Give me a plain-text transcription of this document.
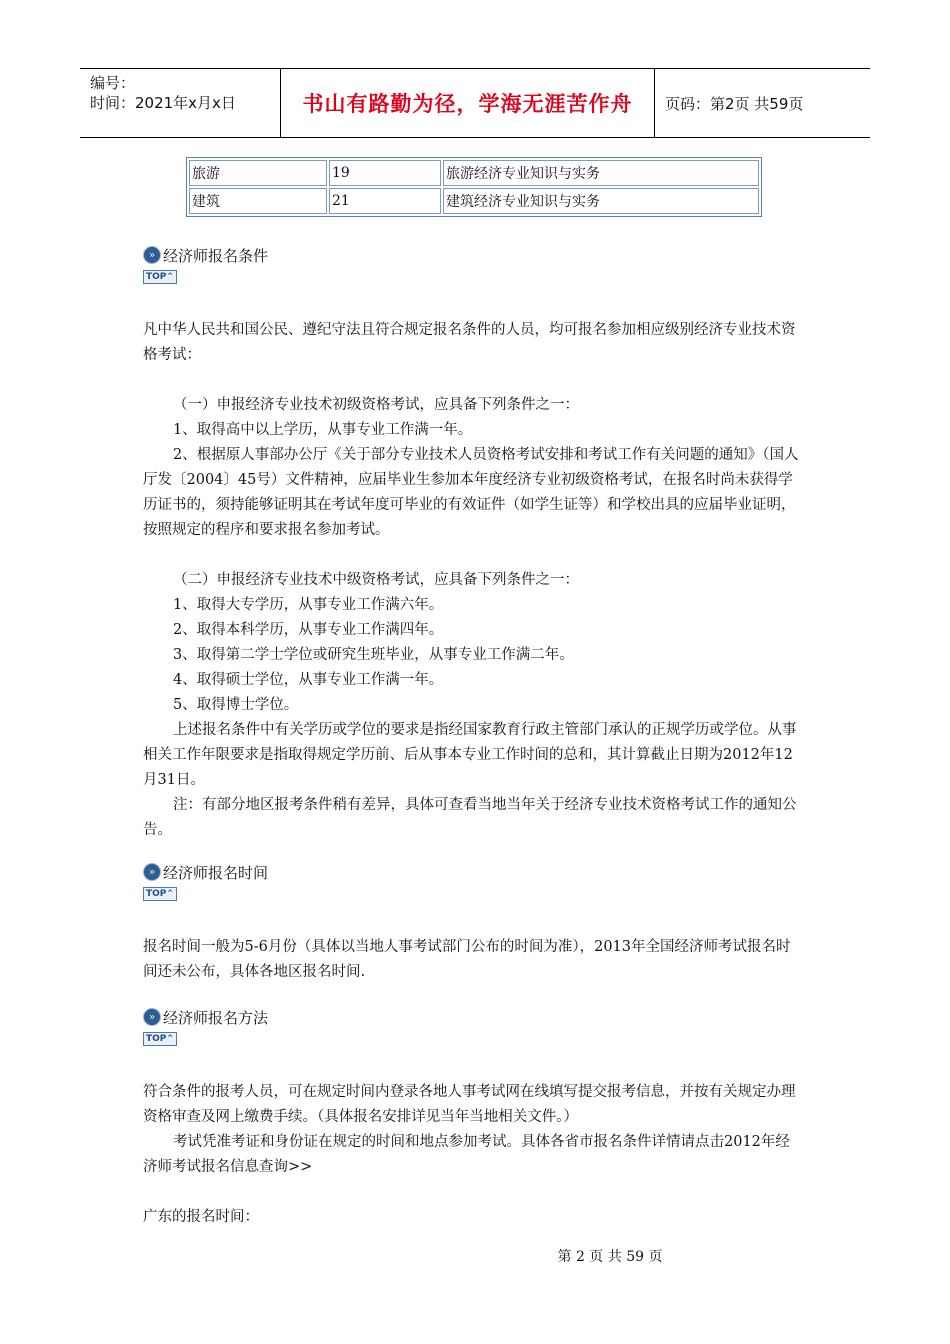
编号：
时间：2021年x月x日	书山有路勤为径，学海无涯苦作舟	页码：第2页 共59页
旅游	19	旅游经济专业知识与实务
建筑	21	建筑经济专业知识与实务
» 经济师报名条件
TOP ⌃

凡中华人民共和国公民、遵纪守法且符合规定报名条件的人员，均可报名参加相应级别经济专业技术资格考试：

（一）申报经济专业技术初级资格考试，应具备下列条件之一：

1、取得高中以上学历，从事专业工作满一年。

2、根据原人事部办公厅《关于部分专业技术人员资格考试安排和考试工作有关问题的通知》（国人厅发〔2004〕45号）文件精神，应届毕业生参加本年度经济专业初级资格考试，在报名时尚未获得学历证书的，须持能够证明其在考试年度可毕业的有效证件（如学生证等）和学校出具的应届毕业证明，按照规定的程序和要求报名参加考试。

（二）申报经济专业技术中级资格考试，应具备下列条件之一：

1、取得大专学历，从事专业工作满六年。

2、取得本科学历，从事专业工作满四年。

3、取得第二学士学位或研究生班毕业，从事专业工作满二年。

4、取得硕士学位，从事专业工作满一年。

5、取得博士学位。

上述报名条件中有关学历或学位的要求是指经国家教育行政主管部门承认的正规学历或学位。从事相关工作年限要求是指取得规定学历前、后从事本专业工作时间的总和，其计算截止日期为2012年12月31日。

注：有部分地区报考条件稍有差异，具体可查看当地当年关于经济专业技术资格考试工作的通知公告。

» 经济师报名时间
TOP ⌃

报名时间一般为5-6月份（具体以当地人事考试部门公布的时间为准），2013年全国经济师考试报名时间还未公布，具体各地区报名时间.

» 经济师报名方法
TOP ⌃

符合条件的报考人员，可在规定时间内登录各地人事考试网在线填写提交报考信息，并按有关规定办理资格审查及网上缴费手续。（具体报名安排详见当年当地相关文件。）

考试凭准考证和身份证在规定的时间和地点参加考试。具体各省市报名条件详情请点击2012年经济师考试报名信息查询>>

广东的报名时间：

第 2 页 共 59 页
